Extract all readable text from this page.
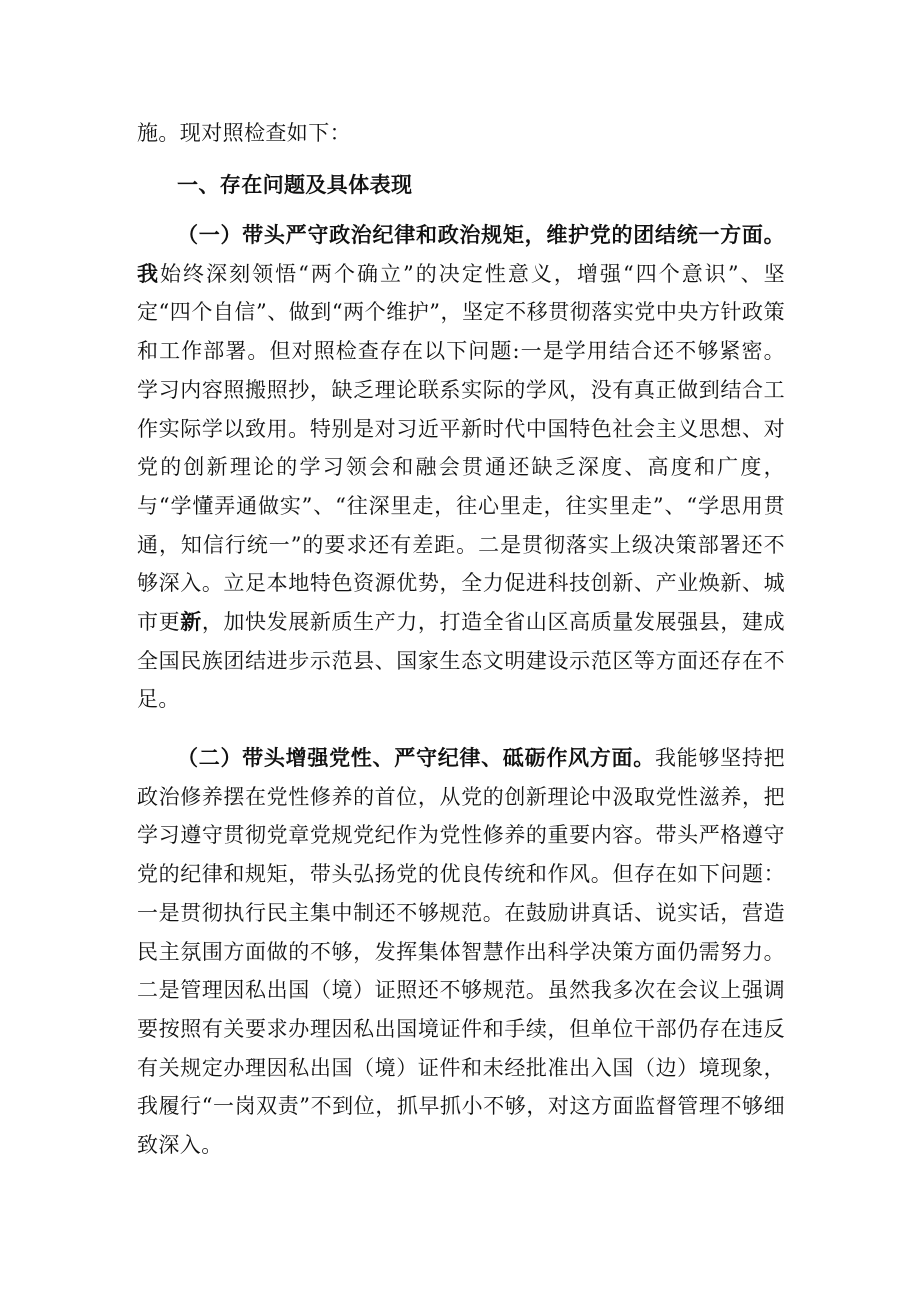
施。现对照检查如下：

一、存在问题及具体表现

（一）带头严守政治纪律和政治规矩，维护党的团结统一方面。我始终深刻领悟“两个确立”的决定性意义，增强“四个意识”、坚定“四个自信”、做到“两个维护”，坚定不移贯彻落实党中央方针政策和工作部署。但对照检查存在以下问题:一是学用结合还不够紧密。学习内容照搬照抄，缺乏理论联系实际的学风，没有真正做到结合工作实际学以致用。特别是对习近平新时代中国特色社会主义思想、对党的创新理论的学习领会和融会贯通还缺乏深度、高度和广度，与“学懂弄通做实”、“往深里走，往心里走，往实里走”、“学思用贯通，知信行统一”的要求还有差距。二是贯彻落实上级决策部署还不够深入。立足本地特色资源优势，全力促进科技创新、产业焕新、城市更新，加快发展新质生产力，打造全省山区高质量发展强县，建成全国民族团结进步示范县、国家生态文明建设示范区等方面还存在不足。

（二）带头增强党性、严守纪律、砥砺作风方面。我能够坚持把政治修养摆在党性修养的首位，从党的创新理论中汲取党性滋养，把学习遵守贯彻党章党规党纪作为党性修养的重要内容。带头严格遵守党的纪律和规矩，带头弘扬党的优良传统和作风。但存在如下问题：一是贯彻执行民主集中制还不够规范。在鼓励讲真话、说实话，营造民主氛围方面做的不够，发挥集体智慧作出科学决策方面仍需努力。二是管理因私出国（境）证照还不够规范。虽然我多次在会议上强调要按照有关要求办理因私出国境证件和手续，但单位干部仍存在违反有关规定办理因私出国（境）证件和未经批准出入国（边）境现象，我履行“一岗双责”不到位，抓早抓小不够，对这方面监督管理不够细致深入。
